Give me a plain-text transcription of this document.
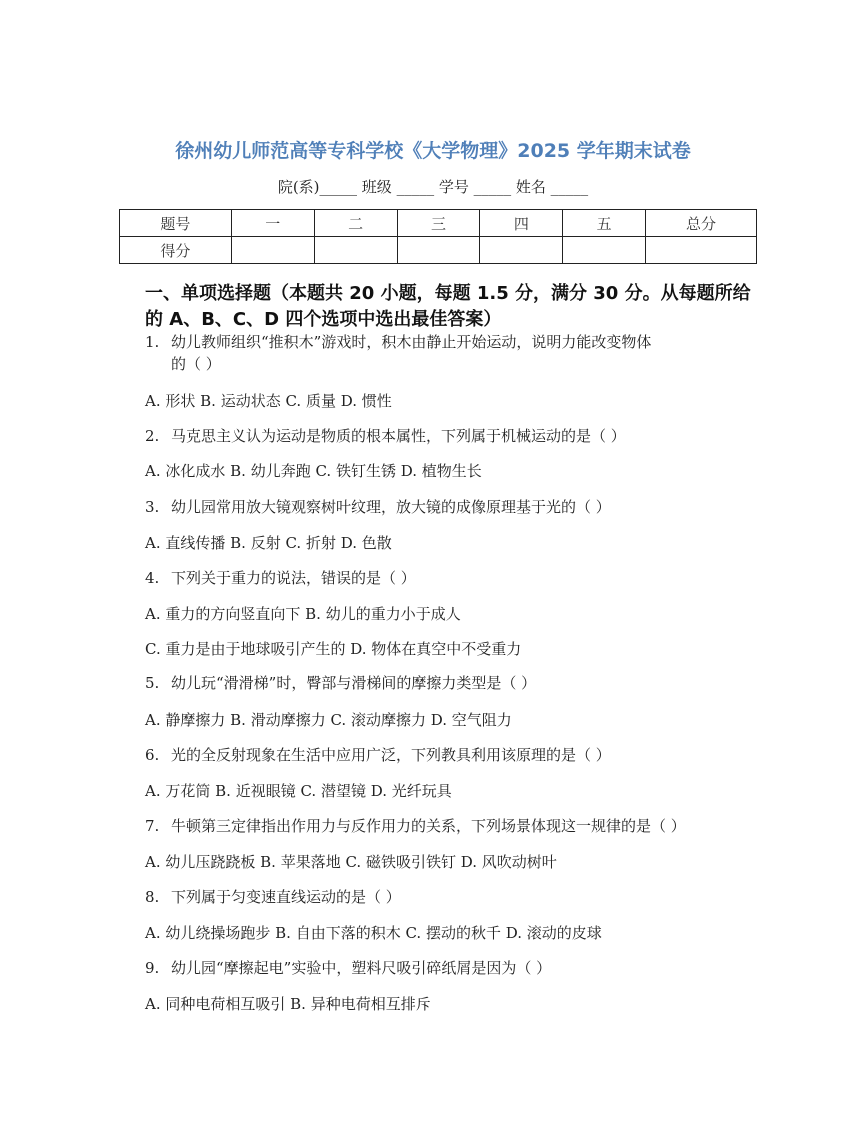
徐州幼儿师范高等专科学校《大学物理》2025 学年期末试卷
院(系)_____ 班级 _____ 学号 _____ 姓名 _____
题号	一	二	三	四	五	总分
得分						
一、单项选择题（本题共 20 小题，每题 1.5 分，满分 30 分。从每题所给的 A、B、C、D 四个选项中选出最佳答案）
1. 幼儿教师组织“推积木”游戏时，积木由静止开始运动，说明力能改变物体
的（ ）
A. 形状 B. 运动状态 C. 质量 D. 惯性
2. 马克思主义认为运动是物质的根本属性，下列属于机械运动的是（ ）
A. 冰化成水 B. 幼儿奔跑 C. 铁钉生锈 D. 植物生长
3. 幼儿园常用放大镜观察树叶纹理，放大镜的成像原理基于光的（ ）
A. 直线传播 B. 反射 C. 折射 D. 色散
4. 下列关于重力的说法，错误的是（ ）
A. 重力的方向竖直向下 B. 幼儿的重力小于成人
C. 重力是由于地球吸引产生的 D. 物体在真空中不受重力
5. 幼儿玩“滑滑梯”时，臀部与滑梯间的摩擦力类型是（ ）
A. 静摩擦力 B. 滑动摩擦力 C. 滚动摩擦力 D. 空气阻力
6. 光的全反射现象在生活中应用广泛，下列教具利用该原理的是（ ）
A. 万花筒 B. 近视眼镜 C. 潜望镜 D. 光纤玩具
7. 牛顿第三定律指出作用力与反作用力的关系，下列场景体现这一规律的是（ ）
A. 幼儿压跷跷板 B. 苹果落地 C. 磁铁吸引铁钉 D. 风吹动树叶
8. 下列属于匀变速直线运动的是（ ）
A. 幼儿绕操场跑步 B. 自由下落的积木 C. 摆动的秋千 D. 滚动的皮球
9. 幼儿园“摩擦起电”实验中，塑料尺吸引碎纸屑是因为（ ）
A. 同种电荷相互吸引 B. 异种电荷相互排斥
